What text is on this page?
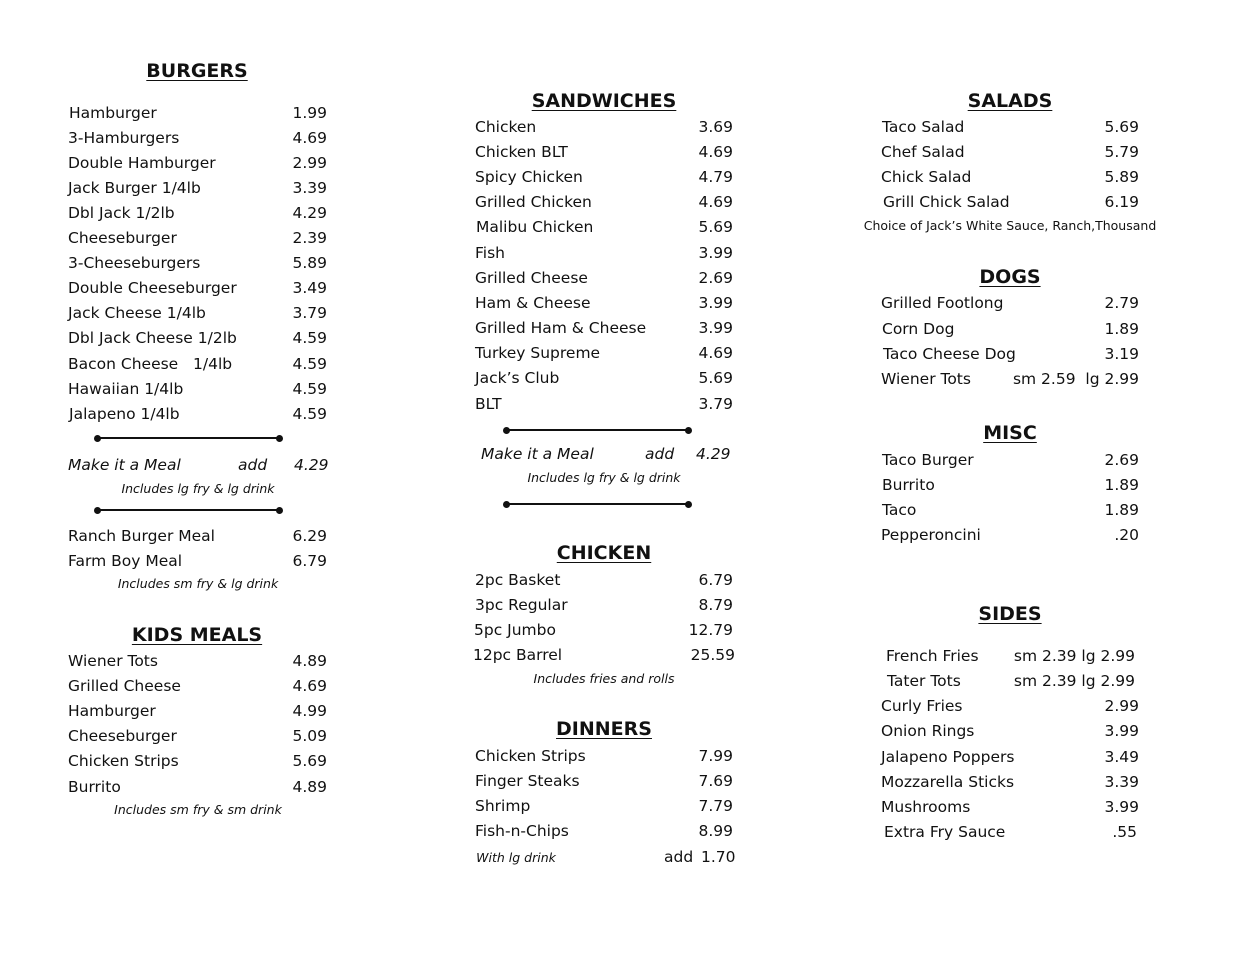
BURGERS
Hamburger	1.99
3-Hamburgers	4.69
Double Hamburger	2.99
Jack Burger 1/4lb	3.39
Dbl Jack 1/2lb	4.29
Cheeseburger	2.39
3-Cheeseburgers	5.89
Double Cheeseburger	3.49
Jack Cheese 1/4lb	3.79
Dbl Jack Cheese 1/2lb	4.59
Bacon Cheese   1/4lb	4.59
Hawaiian 1/4lb	4.59
Jalapeno 1/4lb	4.59
Make it a Meal	add 4.29
Includes lg fry & lg drink
Ranch Burger Meal	6.29
Farm Boy Meal	6.79
Includes sm fry & lg drink
KIDS MEALS
Wiener Tots	4.89
Grilled Cheese	4.69
Hamburger	4.99
Cheeseburger	5.09
Chicken Strips	5.69
Burrito	4.89
Includes sm fry & sm drink
SANDWICHES
Chicken	3.69
Chicken BLT	4.69
Spicy Chicken	4.79
Grilled Chicken	4.69
Malibu Chicken	5.69
Fish	3.99
Grilled Cheese	2.69
Ham & Cheese	3.99
Grilled Ham & Cheese	3.99
Turkey Supreme	4.69
Jack’s Club	5.69
BLT	3.79
Make it a Meal	add 4.29
Includes lg fry & lg drink
CHICKEN
2pc Basket	6.79
3pc Regular	8.79
5pc Jumbo	12.79
12pc Barrel	25.59
Includes fries and rolls
DINNERS
Chicken Strips	7.99
Finger Steaks	7.69
Shrimp	7.79
Fish-n-Chips	8.99
With lg drink	add 1.70
SALADS
Taco Salad	5.69
Chef Salad	5.79
Chick Salad	5.89
Grill Chick Salad	6.19
Choice of Jack’s White Sauce, Ranch,Thousand
DOGS
Grilled Footlong	2.79
Corn Dog	1.89
Taco Cheese Dog	3.19
Wiener Tots	sm 2.59  lg 2.99
MISC
Taco Burger	2.69
Burrito	1.89
Taco	1.89
Pepperoncini	.20
SIDES
French Fries sm 2.39 lg 2.99
Tater Tots	sm 2.39 lg 2.99
Curly Fries	2.99
Onion Rings	3.99
Jalapeno Poppers	3.49
Mozzarella Sticks	3.39
Mushrooms	3.99
Extra Fry Sauce	.55
